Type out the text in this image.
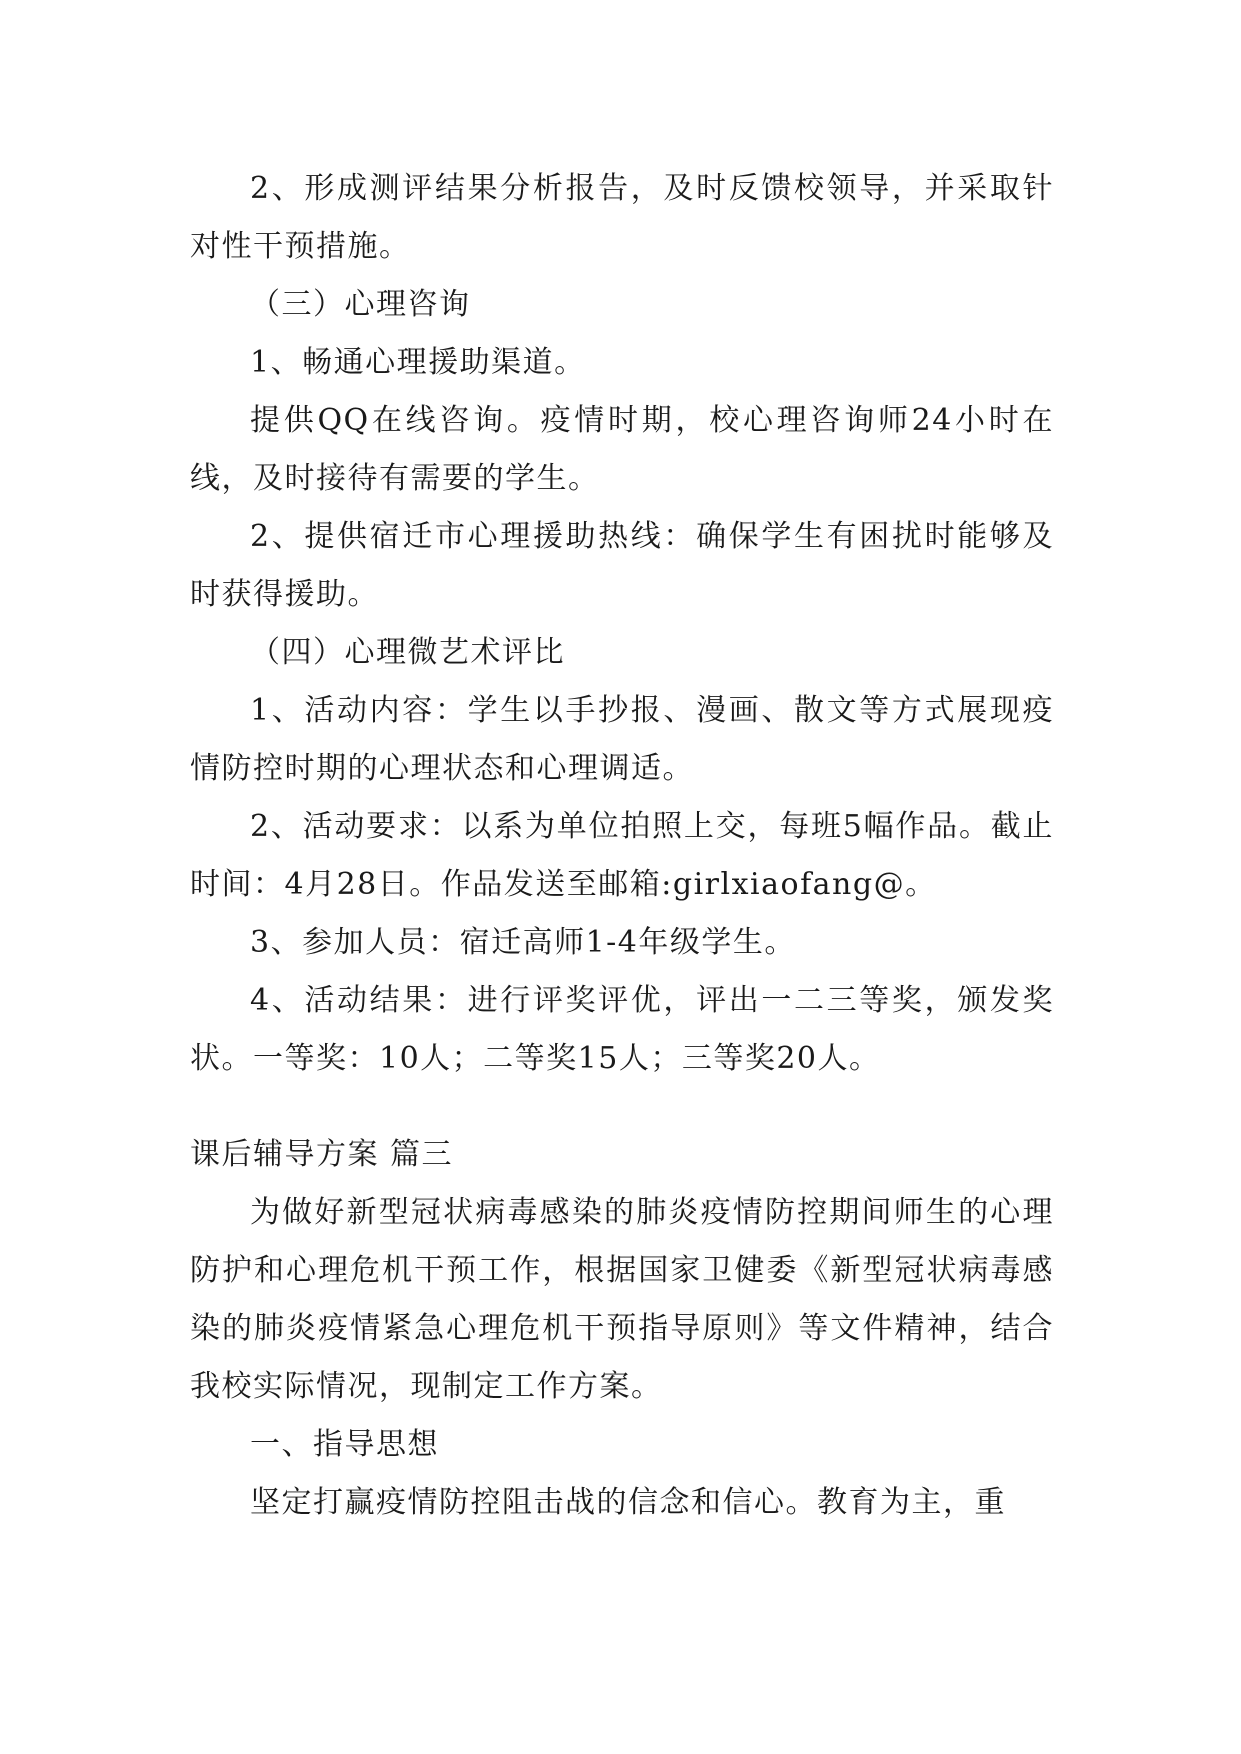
2、形成测评结果分析报告，及时反馈校领导，并采取针对性干预措施。

（三）心理咨询

1、畅通心理援助渠道。

提供QQ在线咨询。疫情时期，校心理咨询师24小时在线，及时接待有需要的学生。

2、提供宿迁市心理援助热线：确保学生有困扰时能够及时获得援助。

（四）心理微艺术评比

1、活动内容：学生以手抄报、漫画、散文等方式展现疫情防控时期的心理状态和心理调适。

2、活动要求：以系为单位拍照上交，每班5幅作品。截止时间：4月28日。作品发送至邮箱:girlxiaofang@。

3、参加人员：宿迁高师1-4年级学生。

4、活动结果：进行评奖评优，评出一二三等奖，颁发奖状。一等奖：10人；二等奖15人；三等奖20人。

课后辅导方案 篇三

为做好新型冠状病毒感染的肺炎疫情防控期间师生的心理防护和心理危机干预工作，根据国家卫健委《新型冠状病毒感染的肺炎疫情紧急心理危机干预指导原则》等文件精神，结合我校实际情况，现制定工作方案。

一、指导思想

坚定打赢疫情防控阻击战的信念和信心。教育为主，重
